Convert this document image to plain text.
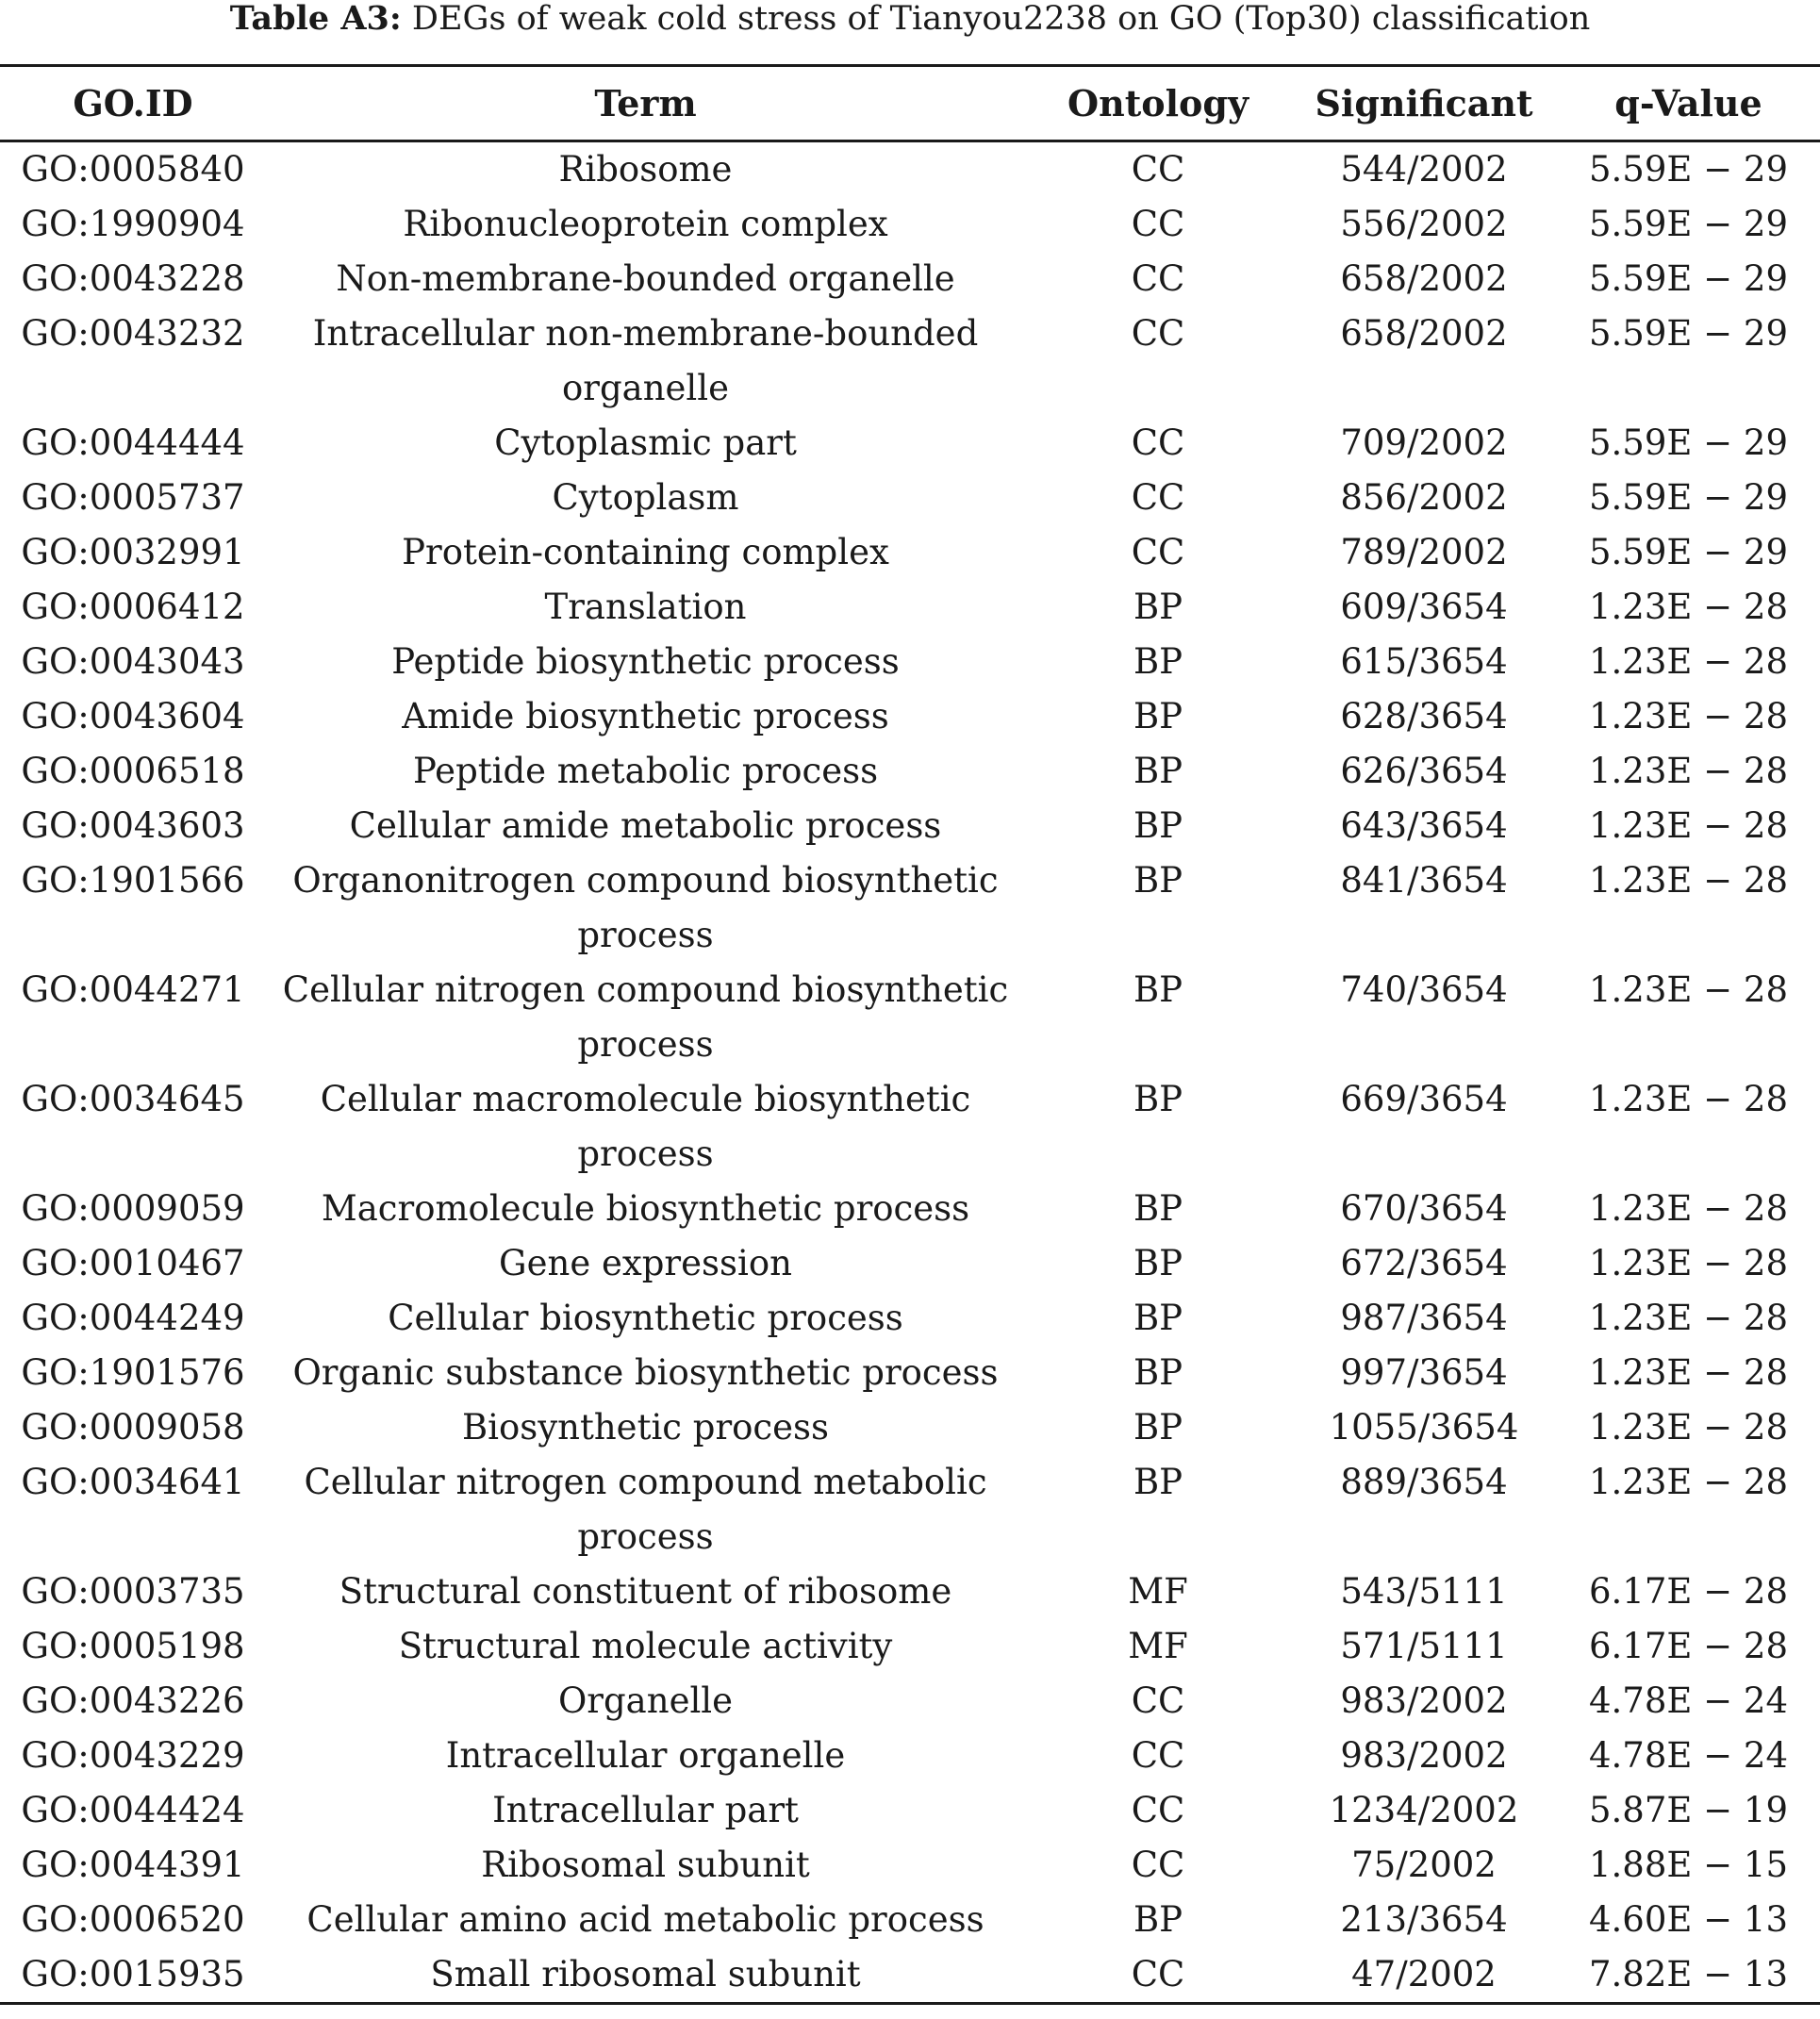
Table A3: DEGs of weak cold stress of Tianyou2238 on GO (Top30) classification
GO.ID	Term	Ontology	Significant	q-Value
GO:0005840	Ribosome	CC	544/2002	5.59E − 29
GO:1990904	Ribonucleoprotein complex	CC	556/2002	5.59E − 29
GO:0043228	Non-membrane-bounded organelle	CC	658/2002	5.59E − 29
GO:0043232	Intracellular non-membrane-bounded organelle	CC	658/2002	5.59E − 29
GO:0044444	Cytoplasmic part	CC	709/2002	5.59E − 29
GO:0005737	Cytoplasm	CC	856/2002	5.59E − 29
GO:0032991	Protein-containing complex	CC	789/2002	5.59E − 29
GO:0006412	Translation	BP	609/3654	1.23E − 28
GO:0043043	Peptide biosynthetic process	BP	615/3654	1.23E − 28
GO:0043604	Amide biosynthetic process	BP	628/3654	1.23E − 28
GO:0006518	Peptide metabolic process	BP	626/3654	1.23E − 28
GO:0043603	Cellular amide metabolic process	BP	643/3654	1.23E − 28
GO:1901566	Organonitrogen compound biosynthetic process	BP	841/3654	1.23E − 28
GO:0044271	Cellular nitrogen compound biosynthetic process	BP	740/3654	1.23E − 28
GO:0034645	Cellular macromolecule biosynthetic process	BP	669/3654	1.23E − 28
GO:0009059	Macromolecule biosynthetic process	BP	670/3654	1.23E − 28
GO:0010467	Gene expression	BP	672/3654	1.23E − 28
GO:0044249	Cellular biosynthetic process	BP	987/3654	1.23E − 28
GO:1901576	Organic substance biosynthetic process	BP	997/3654	1.23E − 28
GO:0009058	Biosynthetic process	BP	1055/3654	1.23E − 28
GO:0034641	Cellular nitrogen compound metabolic process	BP	889/3654	1.23E − 28
GO:0003735	Structural constituent of ribosome	MF	543/5111	6.17E − 28
GO:0005198	Structural molecule activity	MF	571/5111	6.17E − 28
GO:0043226	Organelle	CC	983/2002	4.78E − 24
GO:0043229	Intracellular organelle	CC	983/2002	4.78E − 24
GO:0044424	Intracellular part	CC	1234/2002	5.87E − 19
GO:0044391	Ribosomal subunit	CC	75/2002	1.88E − 15
GO:0006520	Cellular amino acid metabolic process	BP	213/3654	4.60E − 13
GO:0015935	Small ribosomal subunit	CC	47/2002	7.82E − 13
